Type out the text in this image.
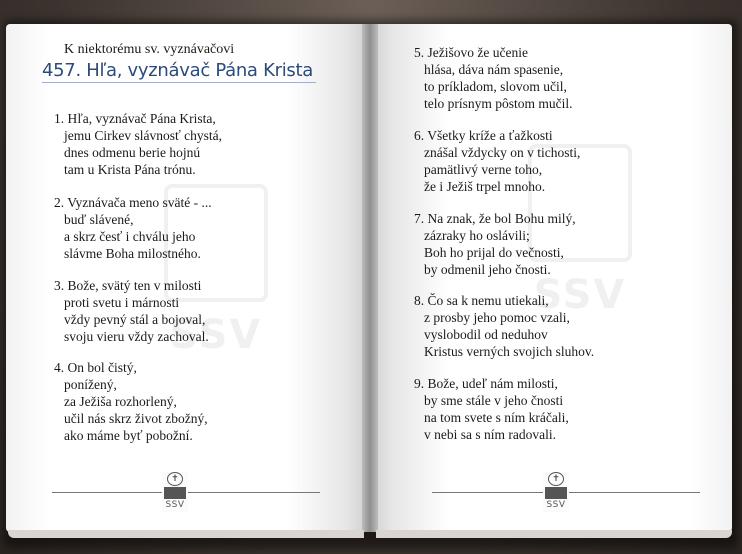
SSV
SSV
K niektorému sv. vyznávačovi
457. Hľa, vyznávač Pána Krista
1. Hľa, vyznávač Pána Krista,
jemu Cirkev slávnosť chystá,
dnes odmenu berie hojnú
tam u Krista Pána trónu.
2. Vyznávača meno sväté - ...
buď slávené,
a skrz česť i chválu jeho
slávme Boha milostného.
3. Bože, svätý ten v milosti
proti svetu i márnosti
vždy pevný stál a bojoval,
svoju vieru vždy zachoval.
4. On bol čistý,
ponížený,
za Ježiša rozhorlený,
učil nás skrz život zbožný,
ako máme byť pobožní.
5. Ježišovo že učenie
hlása, dáva nám spasenie,
to príkladom, slovom učil,
telo prísnym pôstom mučil.
6. Všetky kríže a ťažkosti
znášal vždycky on v tichosti,
pamätlivý verne toho,
že i Ježiš trpel mnoho.
7. Na znak, že bol Bohu milý,
zázraky ho oslávili;
Boh ho prijal do večnosti,
by odmenil jeho čnosti.
8. Čo sa k nemu utiekali,
z prosby jeho pomoc vzali,
vyslobodil od neduhov
Kristus verných svojich sluhov.
9. Bože, udeľ nám milosti,
by sme stále v jeho čnosti
na tom svete s ním kráčali,
v nebi sa s ním radovali.
✝
SSV
✝
SSV
